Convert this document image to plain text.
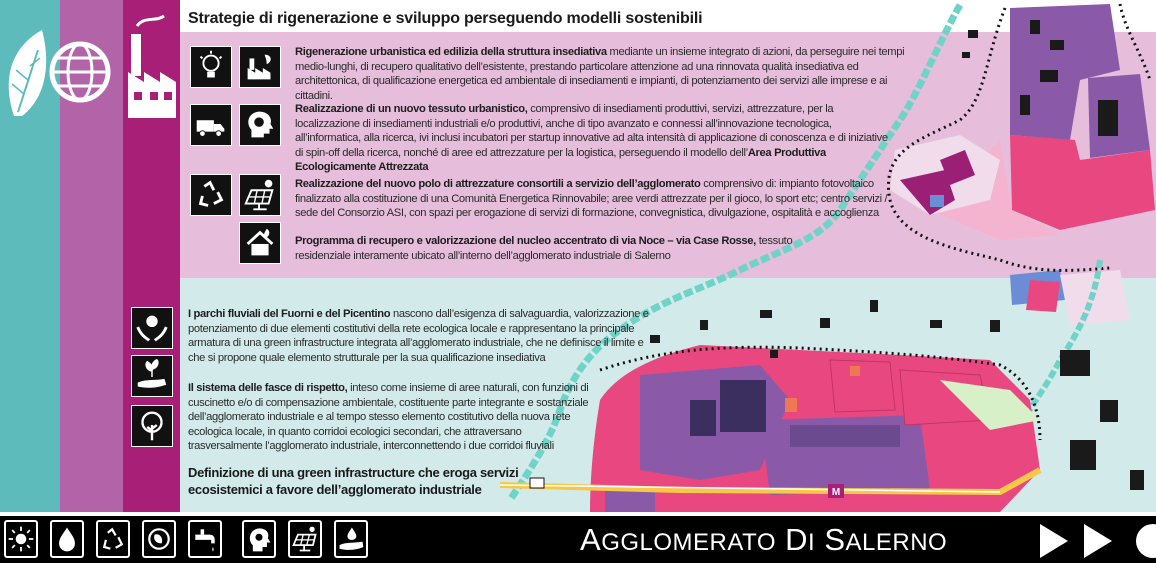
M
Strategie di rigenerazione e sviluppo perseguendo modelli sostenibili

Rigenerazione urbanistica ed edilizia della struttura insediativa mediante un insieme integrato di azioni, da perseguire nei tempi medio-lunghi, di recupero qualitativo dell’esistente, prestando particolare attenzione ad una rinnovata qualità insediativa ed architettonica, di qualificazione energetica ed ambientale di insediamenti e impianti, di potenziamento dei servizi alle imprese e ai cittadini.

Realizzazione di un nuovo tessuto urbanistico, comprensivo di insediamenti produttivi, servizi, attrezzature, per la localizzazione di insediamenti industriali e/o produttivi, anche di tipo avanzato e connessi all’innovazione tecnologica, all’informatica, alla ricerca, ivi inclusi incubatori per startup innovative ad alta intensità di applicazione di conoscenza e di iniziative di spin-off della ricerca, nonché di aree ed attrezzature per la logistica, perseguendo il modello dell’Area Produttiva Ecologicamente Attrezzata

Realizzazione del nuovo polo di attrezzature consortili a servizio dell’agglomerato comprensivo di: impianto fotovoltaico finalizzato alla costituzione di una Comunità Energetica Rinnovabile; aree verdi attrezzate per il gioco, lo sport etc; centro servizi / sede del Consorzio ASI, con spazi per erogazione di servizi di formazione, convegnistica, divulgazione, ospitalità e accoglienza

Programma di recupero e valorizzazione del nucleo accentrato di via Noce – via Case Rosse, tessuto residenziale interamente ubicato all’interno dell’agglomerato industriale di Salerno

I parchi fluviali del Fuorni e del Picentino nascono dall’esigenza di salvaguardia, valorizzazione e potenziamento di due elementi costitutivi della rete ecologica locale e rappresentano la principale armatura di una green infrastructure integrata all’agglomerato industriale, che ne definisce il limite e che si propone quale elemento strutturale per la sua qualificazione insediativa

Il sistema delle fasce di rispetto, inteso come insieme di aree naturali, con funzioni di cuscinetto e/o di compensazione ambientale, costituente parte integrante e sostanziale dell’agglomerato industriale e al tempo stesso elemento costitutivo della nuova rete ecologica locale, in quanto corridoi ecologici secondari, che attraversano trasversalmente l’agglomerato industriale, interconnettendo i due corridoi fluviali

Definizione di una green infrastructure che eroga servizi
ecosistemici a favore dell’agglomerato industriale

AGGLOMERATO DI SALERNO
